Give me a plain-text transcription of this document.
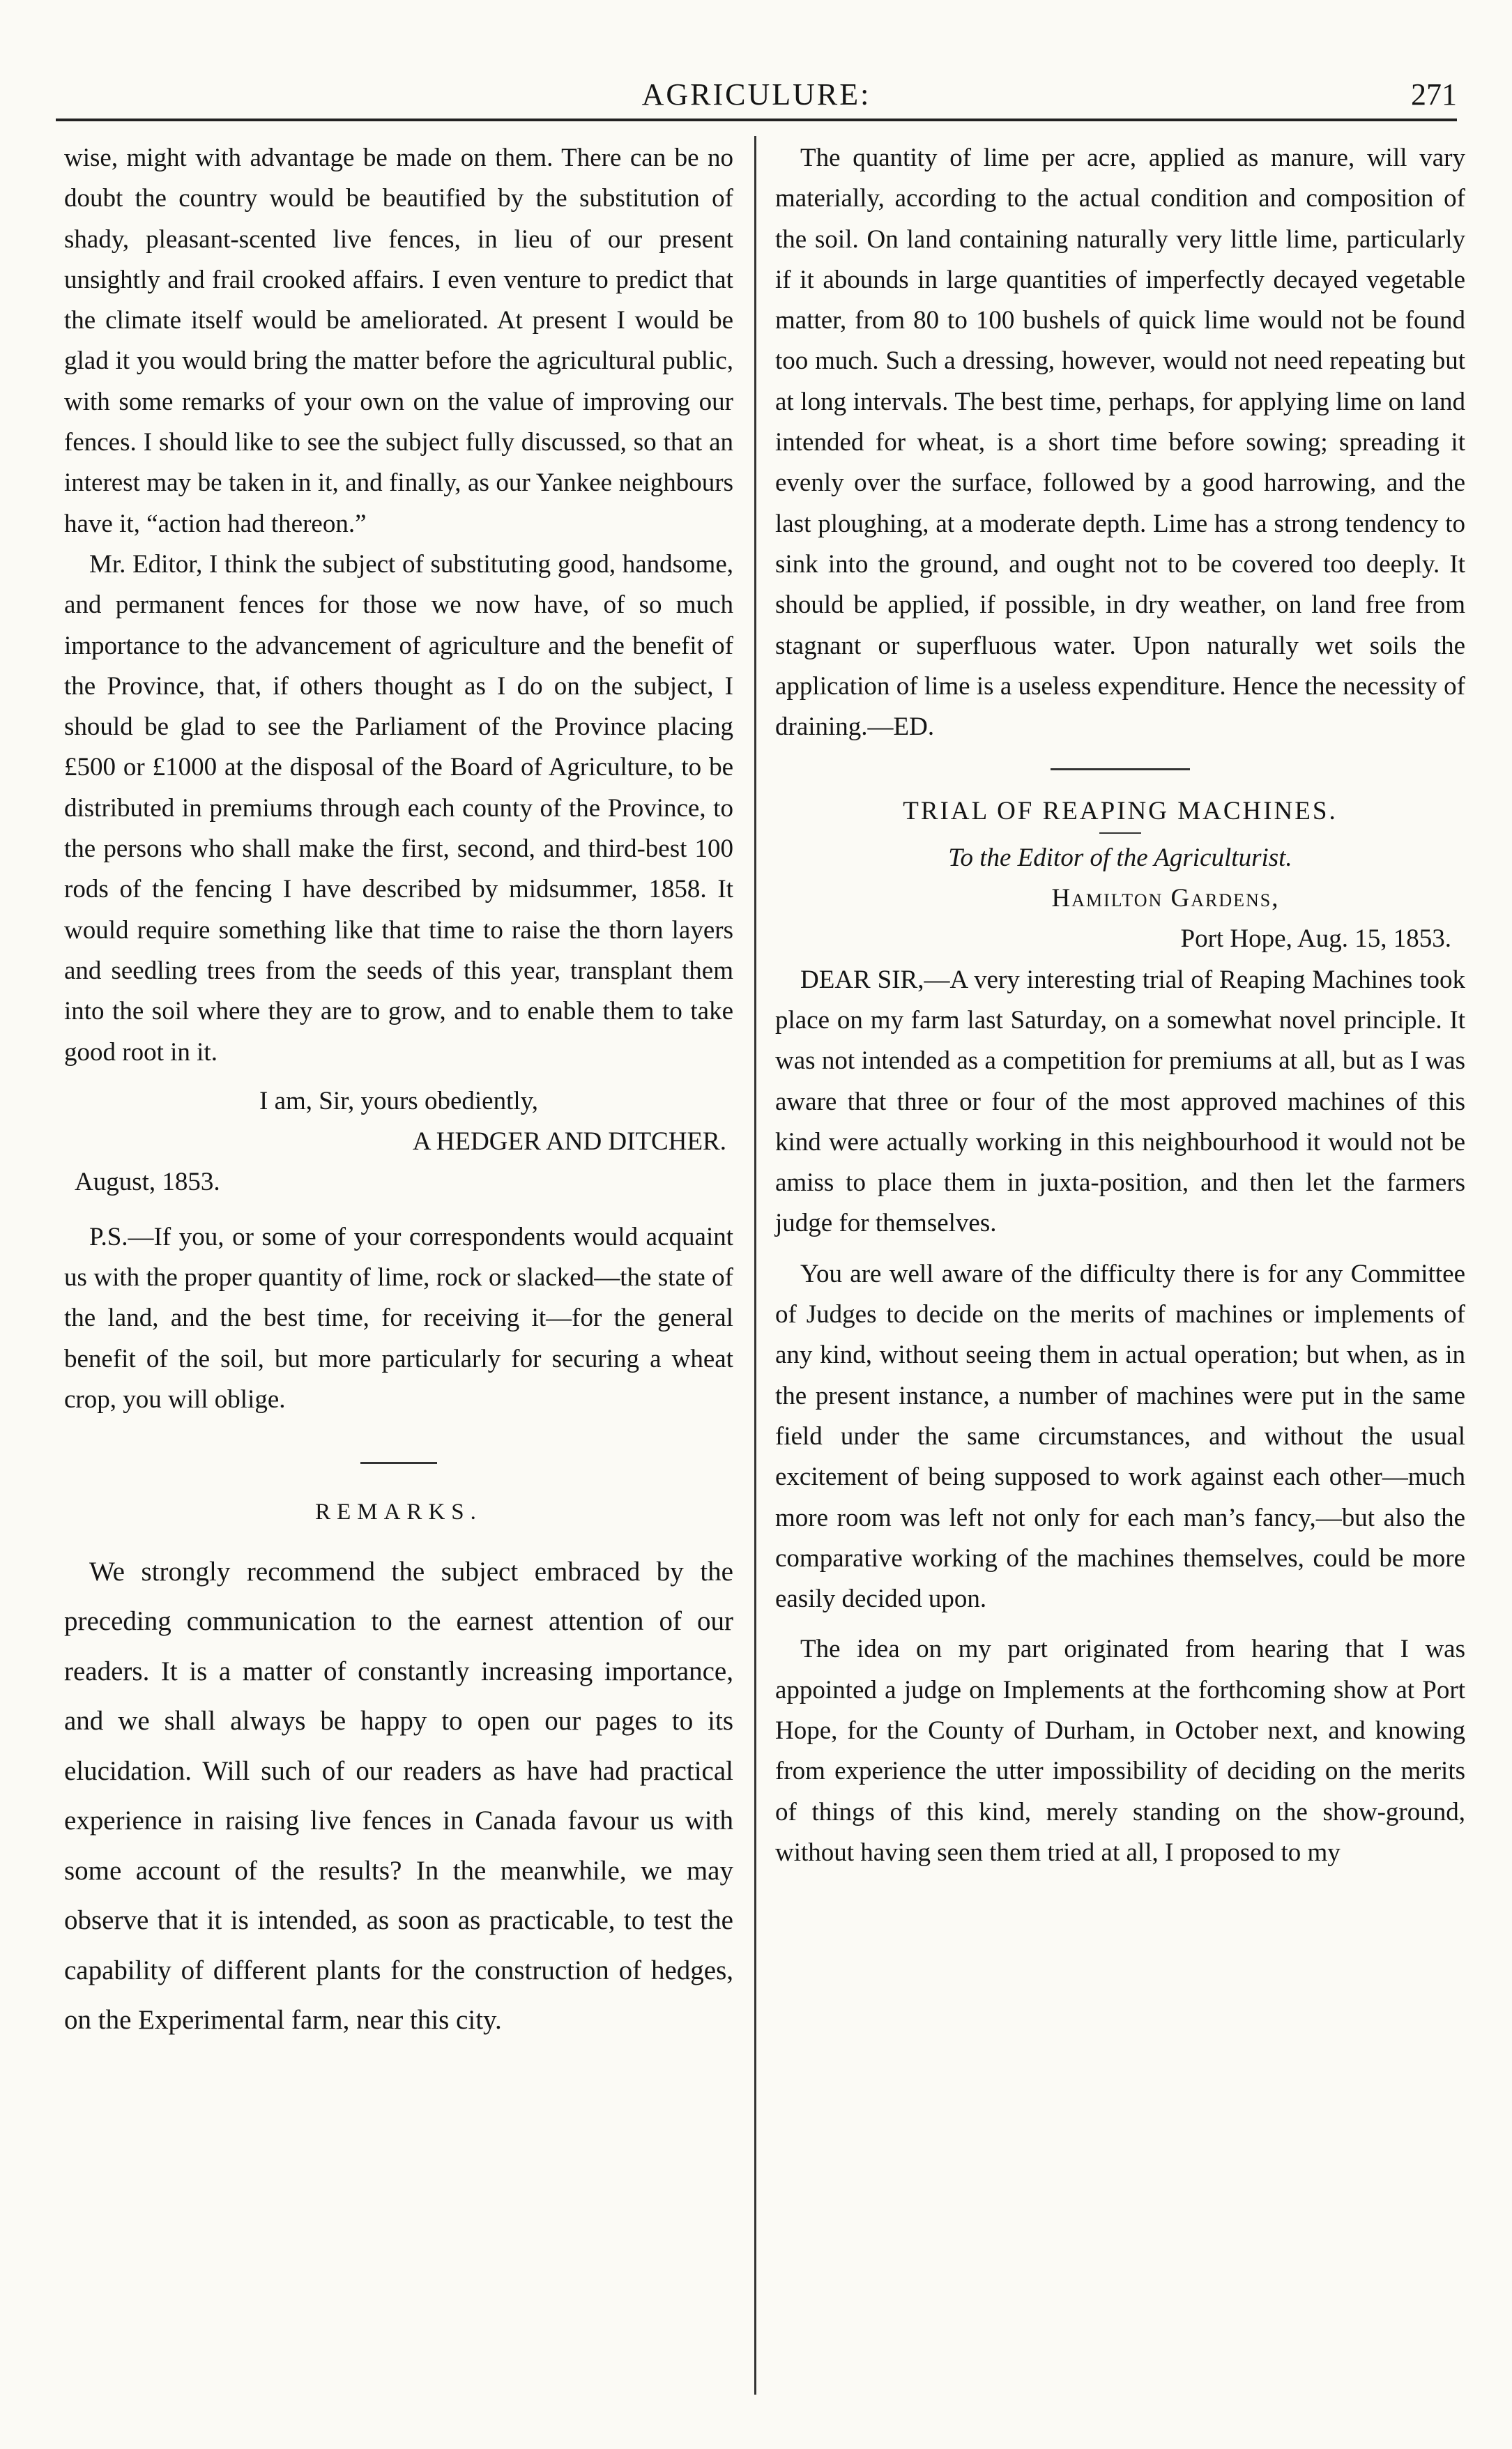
AGRICULURE:	271

wise, might with advantage be made on them. There can be no doubt the country would be beautified by the substitution of shady, pleasant-scented live fences, in lieu of our present unsightly and frail crooked affairs. I even venture to predict that the climate itself would be ameliorated. At present I would be glad it you would bring the matter before the agricultural public, with some remarks of your own on the value of improving our fences. I should like to see the subject fully discussed, so that an interest may be taken in it, and finally, as our Yankee neighbours have it, “action had thereon.”

Mr. Editor, I think the subject of substituting good, handsome, and permanent fences for those we now have, of so much importance to the advancement of agriculture and the benefit of the Province, that, if others thought as I do on the subject, I should be glad to see the Parliament of the Province placing £500 or £1000 at the disposal of the Board of Agriculture, to be distributed in premiums through each county of the Province, to the persons who shall make the first, second, and third-best 100 rods of the fencing I have described by midsummer, 1858. It would require something like that time to raise the thorn layers and seedling trees from the seeds of this year, transplant them into the soil where they are to grow, and to enable them to take good root in it.

I am, Sir, yours obediently,

A HEDGER AND DITCHER.

August, 1853.

P.S.—If you, or some of your correspondents would acquaint us with the proper quantity of lime, rock or slacked—the state of the land, and the best time, for receiving it—for the general benefit of the soil, but more particularly for securing a wheat crop, you will oblige.

REMARKS.

We strongly recommend the subject embraced by the preceding communication to the earnest attention of our readers. It is a matter of constantly increasing importance, and we shall always be happy to open our pages to its elucidation. Will such of our readers as have had practical experience in raising live fences in Canada favour us with some account of the results? In the meanwhile, we may observe that it is intended, as soon as practicable, to test the capability of different plants for the construction of hedges, on the Experimental farm, near this city.

The quantity of lime per acre, applied as manure, will vary materially, according to the actual condition and composition of the soil. On land containing naturally very little lime, particularly if it abounds in large quantities of imperfectly decayed vegetable matter, from 80 to 100 bushels of quick lime would not be found too much. Such a dressing, however, would not need repeating but at long intervals. The best time, perhaps, for applying lime on land intended for wheat, is a short time before sowing; spreading it evenly over the surface, followed by a good harrowing, and the last ploughing, at a moderate depth. Lime has a strong tendency to sink into the ground, and ought not to be covered too deeply. It should be applied, if possible, in dry weather, on land free from stagnant or superfluous water. Upon naturally wet soils the application of lime is a useless expenditure. Hence the necessity of draining.—ED.

TRIAL OF REAPING MACHINES.

To the Editor of the Agriculturist.

Hamilton Gardens,

Port Hope, Aug. 15, 1853.

DEAR SIR,—A very interesting trial of Reaping Machines took place on my farm last Saturday, on a somewhat novel principle. It was not intended as a competition for premiums at all, but as I was aware that three or four of the most approved machines of this kind were actually working in this neighbourhood it would not be amiss to place them in juxta-position, and then let the farmers judge for themselves.

You are well aware of the difficulty there is for any Committee of Judges to decide on the merits of machines or implements of any kind, without seeing them in actual operation; but when, as in the present instance, a number of machines were put in the same field under the same circumstances, and without the usual excitement of being supposed to work against each other—much more room was left not only for each man’s fancy,—but also the comparative working of the machines themselves, could be more easily decided upon.

The idea on my part originated from hearing that I was appointed a judge on Implements at the forthcoming show at Port Hope, for the County of Durham, in October next, and knowing from experience the utter impossibility of deciding on the merits of things of this kind, merely standing on the show-ground, without having seen them tried at all, I proposed to my
